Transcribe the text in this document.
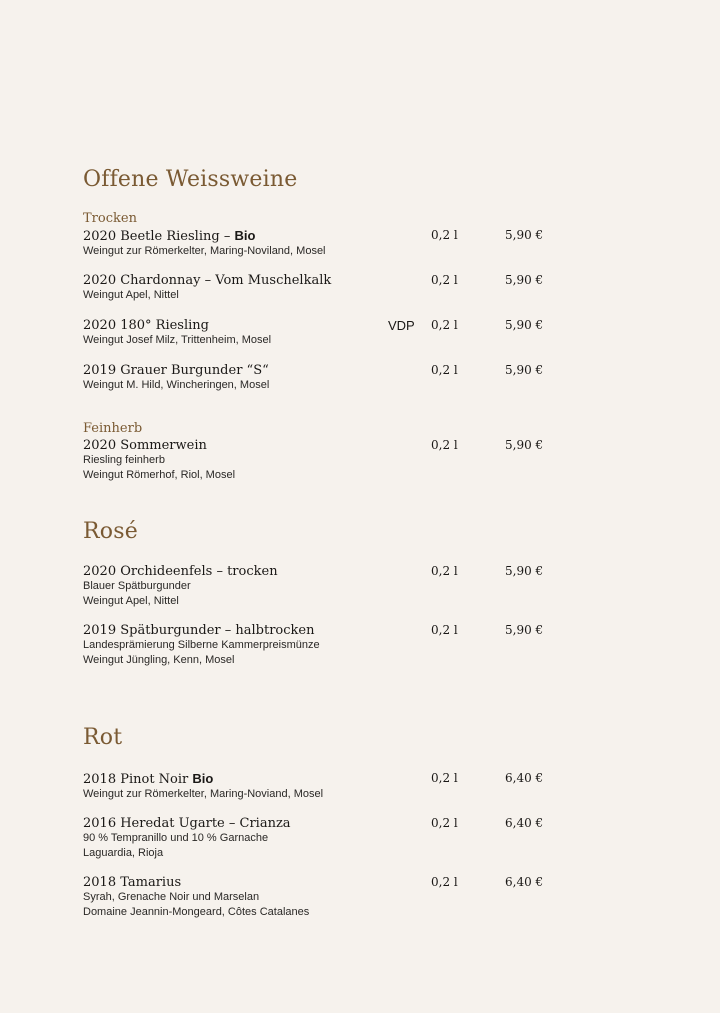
Offene Weissweine
Trocken
2020 Beetle Riesling – Bio
Weingut zur Römerkelter, Maring-Noviland, Mosel
0,2 l	5,90 €
2020 Chardonnay – Vom Muschelkalk
Weingut Apel, Nittel
0,2 l	5,90 €
2020 180° Riesling
Weingut Josef Milz, Trittenheim, Mosel
VDP 0,2 l	5,90 €
2019 Grauer Burgunder “S“
Weingut M. Hild, Wincheringen, Mosel
0,2 l	5,90 €
Feinherb
2020 Sommerwein
Riesling feinherb
Weingut Römerhof, Riol, Mosel
0,2 l	5,90 €
Rosé
2020 Orchideenfels – trocken
Blauer Spätburgunder
Weingut Apel, Nittel
0,2 l	5,90 €
2019 Spätburgunder – halbtrocken
Landesprämierung Silberne Kammerpreismünze
Weingut Jüngling, Kenn, Mosel
0,2 l	5,90 €
Rot
2018 Pinot Noir Bio
Weingut zur Römerkelter, Maring-Noviand, Mosel
0,2 l	6,40 €
2016 Heredat Ugarte – Crianza
90 % Tempranillo und 10 % Garnache
Laguardia, Rioja
0,2 l	6,40 €
2018 Tamarius
Syrah, Grenache Noir und Marselan
Domaine Jeannin-Mongeard, Côtes Catalanes
0,2 l	6,40 €
